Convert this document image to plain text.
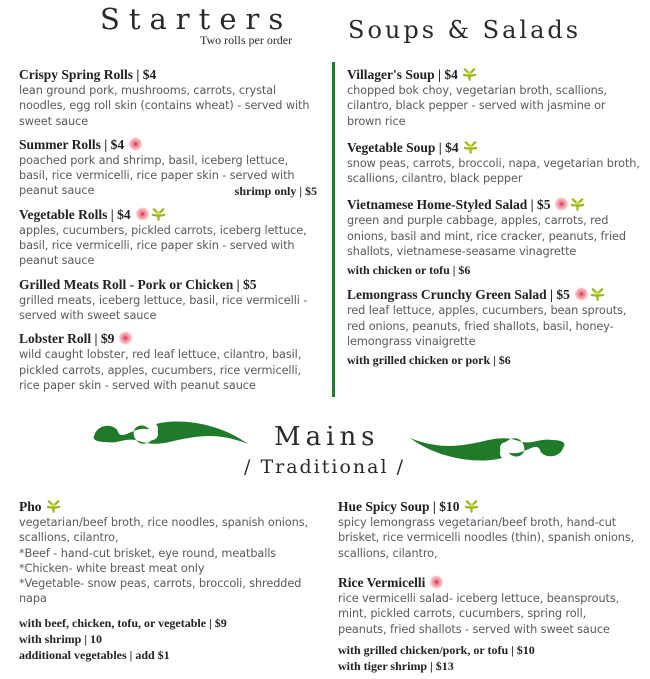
Starters
Two rolls per order Soups & Salads
Crispy Spring Rolls | $4
lean ground pork, mushrooms, carrots, crystal noodles, egg roll skin (contains wheat) - served with sweet sauce
Summer Rolls | $4
poached pork and shrimp, basil, iceberg lettuce, basil, rice vermicelli, rice paper skin - served with peanut sauce	shrimp only | $5
Vegetable Rolls | $4
apples, cucumbers, pickled carrots, iceberg lettuce, basil, rice vermicelli, rice paper skin - served with peanut sauce
Grilled Meats Roll - Pork or Chicken | $5
grilled meats, iceberg lettuce, basil, rice vermicelli - served with sweet sauce
Lobster Roll | $9
wild caught lobster, red leaf lettuce, cilantro, basil, pickled carrots, apples, cucumbers, rice vermicelli, rice paper skin - served with peanut sauce
Villager's Soup | $4
chopped bok choy, vegetarian broth, scallions, cilantro, black pepper - served with jasmine or brown rice
Vegetable Soup | $4
snow peas, carrots, broccoli, napa, vegetarian broth, scallions, cilantro, black pepper
Vietnamese Home-Styled Salad | $5
green and purple cabbage, apples, carrots, red onions, basil and mint, rice cracker, peanuts, fried shallots, vietnamese-seasame vinagrette
with chicken or tofu | $6
Lemongrass Crunchy Green Salad | $5
red leaf lettuce, apples, cucumbers, bean sprouts, red onions, peanuts, fried shallots, basil, honey-lemongrass vinaigrette
with grilled chicken or pork | $6
Mains
/ Traditional /
Pho
vegetarian/beef broth, rice noodles, spanish onions, scallions, cilantro,
*Beef - hand-cut brisket, eye round, meatballs
*Chicken- white breast meat only
*Vegetable- snow peas, carrots, broccoli, shredded napa
with beef, chicken, tofu, or vegetable | $9
with shrimp | 10
additional vegetables | add $1
Hue Spicy Soup | $10
spicy lemongrass vegetarian/beef broth, hand-cut brisket, rice vermicelli noodles (thin), spanish onions, scallions, cilantro,
Rice Vermicelli
rice vermicelli salad- iceberg lettuce, beansprouts, mint, pickled carrots, cucumbers, spring roll, peanuts, fried shallots - served with sweet sauce
with grilled chicken/pork, or tofu | $10
with tiger shrimp | $13
